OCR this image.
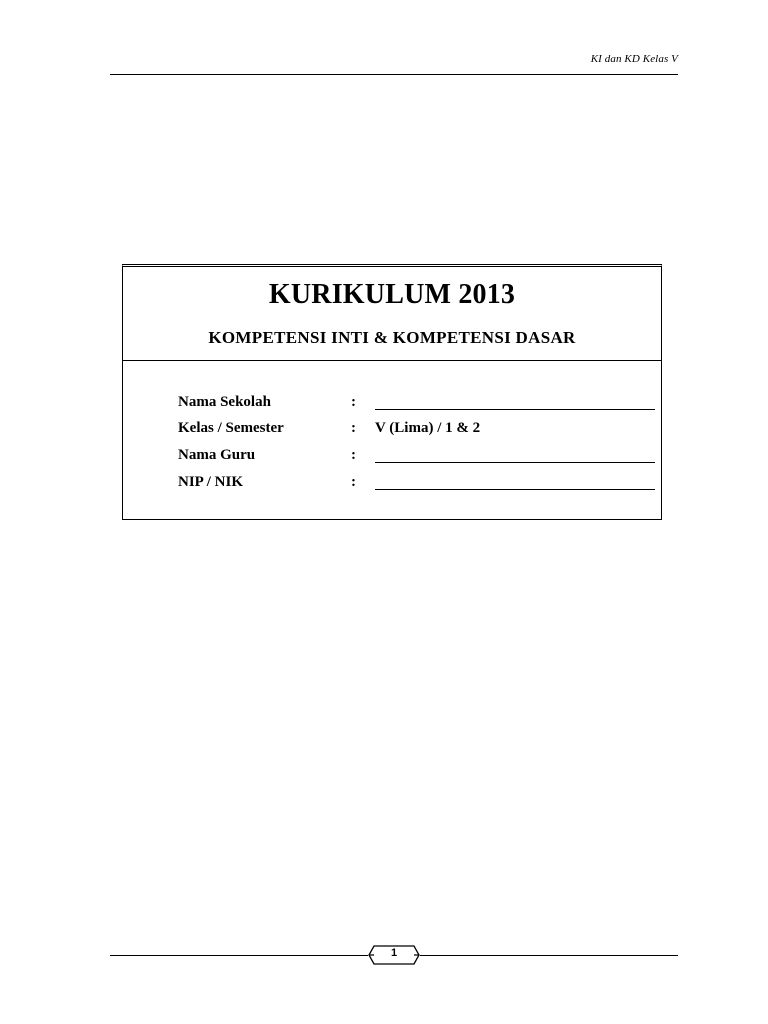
KI dan KD Kelas V
KURIKULUM 2013
KOMPETENSI INTI & KOMPETENSI DASAR
Nama Sekolah	:
Kelas / Semester	: V (Lima) / 1 & 2
Nama Guru	:
NIP / NIK	:
1
